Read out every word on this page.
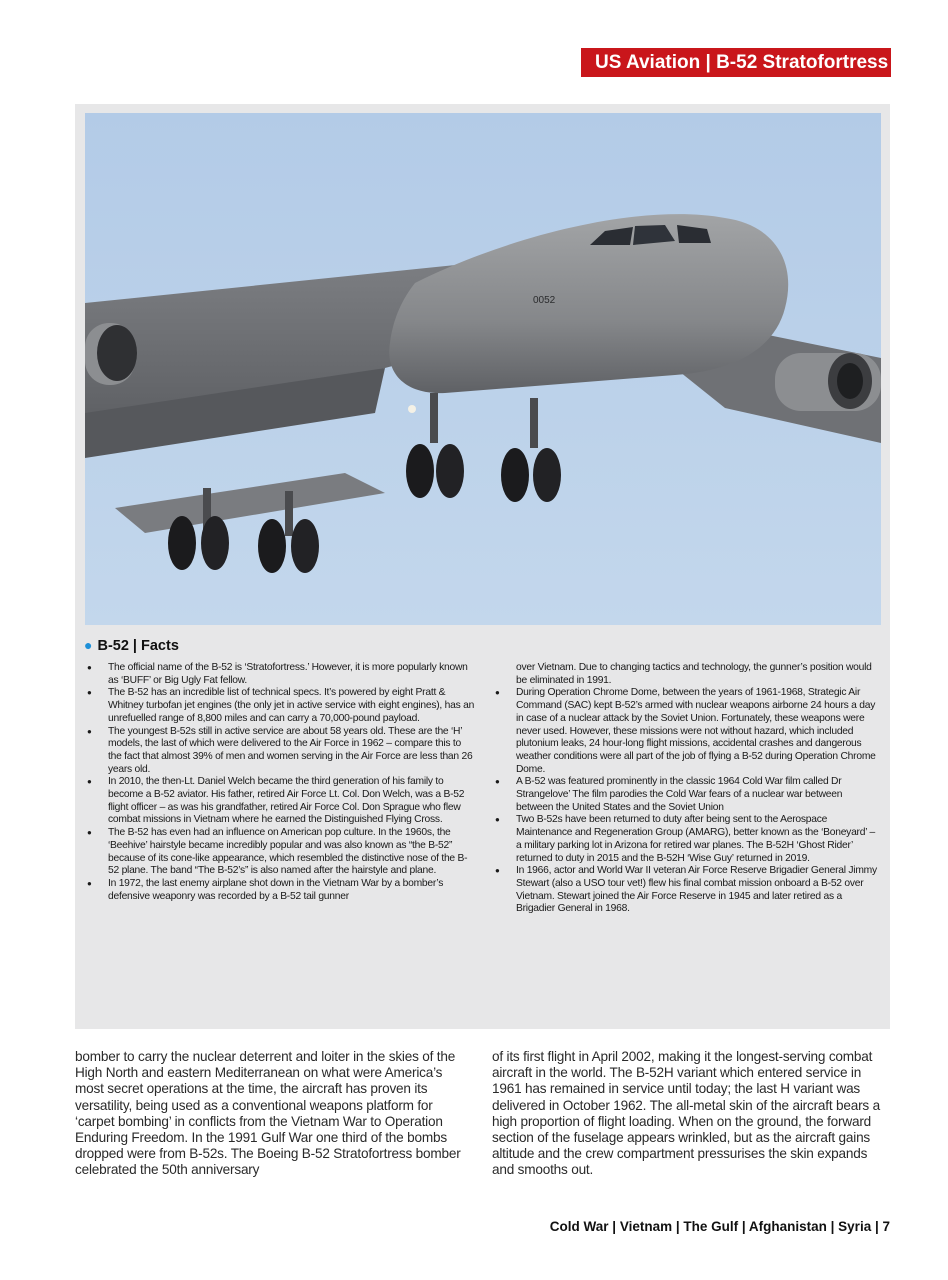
US Aviation | B-52 Stratofortress
0052
● B-52 | Facts
● The official name of the B-52 is ‘Stratofortress.’ However, it is more popularly known as ‘BUFF’ or Big Ugly Fat fellow.
● The B-52 has an incredible list of technical specs. It’s powered by eight Pratt & Whitney turbofan jet engines (the only jet in active service with eight engines), has an unrefuelled range of 8,800 miles and can carry a 70,000-pound payload.
● The youngest B-52s still in active service are about 58 years old. These are the ‘H’ models, the last of which were delivered to the Air Force in 1962 – compare this to the fact that almost 39% of men and women serving in the Air Force are less than 26 years old.
● In 2010, the then-Lt. Daniel Welch became the third generation of his family to become a B-52 aviator. His father, retired Air Force Lt. Col. Don Welch, was a B-52 flight officer – as was his grandfather, retired Air Force Col. Don Sprague who flew combat missions in Vietnam where he earned the Distinguished Flying Cross.
● The B-52 has even had an influence on American pop culture. In the 1960s, the ‘Beehive’ hairstyle became incredibly popular and was also known as “the B-52” because of its cone-like appearance, which resembled the distinctive nose of the B-52 plane. The band “The B-52’s” is also named after the hairstyle and plane.
● In 1972, the last enemy airplane shot down in the Vietnam War by a bomber’s defensive weaponry was recorded by a B-52 tail gunner
over Vietnam. Due to changing tactics and technology, the gunner’s position would be eliminated in 1991.
● During Operation Chrome Dome, between the years of 1961-1968, Strategic Air Command (SAC) kept B-52’s armed with nuclear weapons airborne 24 hours a day in case of a nuclear attack by the Soviet Union. Fortunately, these weapons were never used. However, these missions were not without hazard, which included plutonium leaks, 24 hour-long flight missions, accidental crashes and dangerous weather conditions were all part of the job of flying a B-52 during Operation Chrome Dome.
● A B-52 was featured prominently in the classic 1964 Cold War film called Dr Strangelove’ The film parodies the Cold War fears of a nuclear war between between the United States and the Soviet Union
● Two B-52s have been returned to duty after being sent to the Aerospace Maintenance and Regeneration Group (AMARG), better known as the ‘Boneyard’ – a military parking lot in Arizona for retired war planes. The B-52H ‘Ghost Rider’ returned to duty in 2015 and the B-52H ‘Wise Guy’ returned in 2019.
● In 1966, actor and World War II veteran Air Force Reserve Brigadier General Jimmy Stewart (also a USO tour vet!) flew his final combat mission onboard a B-52 over Vietnam. Stewart joined the Air Force Reserve in 1945 and later retired as a Brigadier General in 1968.
bomber to carry the nuclear deterrent and loiter in the skies of the High North and eastern Mediterranean on what were America’s most secret operations at the time, the aircraft has proven its versatility, being used as a conventional weapons platform for ‘carpet bombing’ in conflicts from the Vietnam War to Operation Enduring Freedom. In the 1991 Gulf War one third of the bombs dropped were from B-52s. The Boeing B-52 Stratofortress bomber celebrated the 50th anniversary
of its first flight in April 2002, making it the longest-serving combat aircraft in the world. The B-52H variant which entered service in 1961 has remained in service until today; the last H variant was delivered in October 1962. The all-metal skin of the aircraft bears a high proportion of flight loading. When on the ground, the forward section of the fuselage appears wrinkled, but as the aircraft gains altitude and the crew compartment pressurises the skin expands and smooths out.
Cold War | Vietnam | The Gulf | Afghanistan | Syria | 7
